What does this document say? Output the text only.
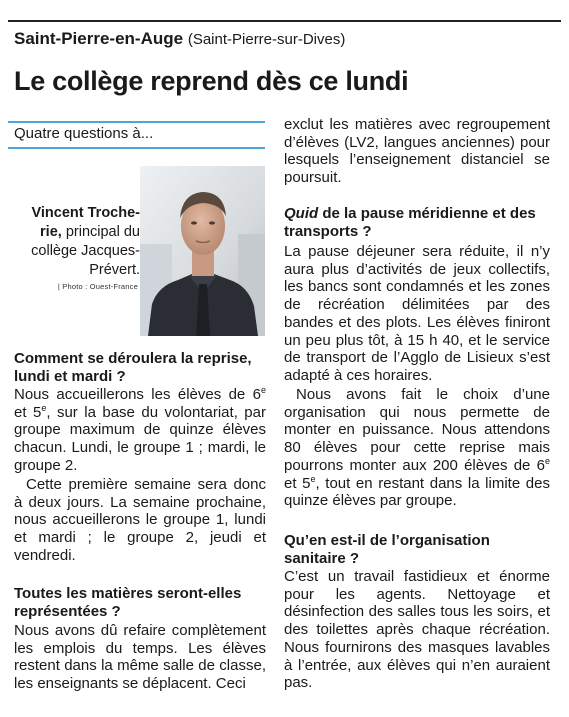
Saint-Pierre-en-Auge (Saint-Pierre-sur-Dives)
Le collège reprend dès ce lundi
Quatre questions à...
Vincent Troche-rie, principal du collège Jacques-Prévert.
| Photo : Ouest-France
Comment se déroulera la reprise, lundi et mardi ?
Nous accueillerons les élèves de 6e et 5e, sur la base du volontariat, par groupe maximum de quinze élèves chacun. Lundi, le groupe 1 ; mardi, le groupe 2.
Cette première semaine sera donc à deux jours. La semaine prochaine, nous accueillerons le groupe 1, lundi et mardi ; le groupe 2, jeudi et vendredi.
Toutes les matières seront-elles représentées ?
Nous avons dû refaire complètement les emplois du temps. Les élèves restent dans la même salle de classe, les enseignants se déplacent. Ceci
exclut les matières avec regroupement d’élèves (LV2, langues anciennes) pour lesquels l’enseignement distanciel se poursuit.
Quid de la pause méridienne et des transports ?
La pause déjeuner sera réduite, il n’y aura plus d’activités de jeux collectifs, les bancs sont condamnés et les zones de récréation délimitées par des bandes et des plots. Les élèves finiront un peu plus tôt, à 15 h 40, et le service de transport de l’Agglo de Lisieux s’est adapté à ces horaires.
Nous avons fait le choix d’une organisation qui nous permette de monter en puissance. Nous attendons 80 élèves pour cette reprise mais pourrons monter aux 200 élèves de 6e et 5e, tout en restant dans la limite des quinze élèves par groupe.
Qu’en est-il de l’organisation sanitaire ?
C’est un travail fastidieux et énorme pour les agents. Nettoyage et désinfection des salles tous les soirs, et des toilettes après chaque récréation. Nous fournirons des masques lavables à l’entrée, aux élèves qui n’en auraient pas.
